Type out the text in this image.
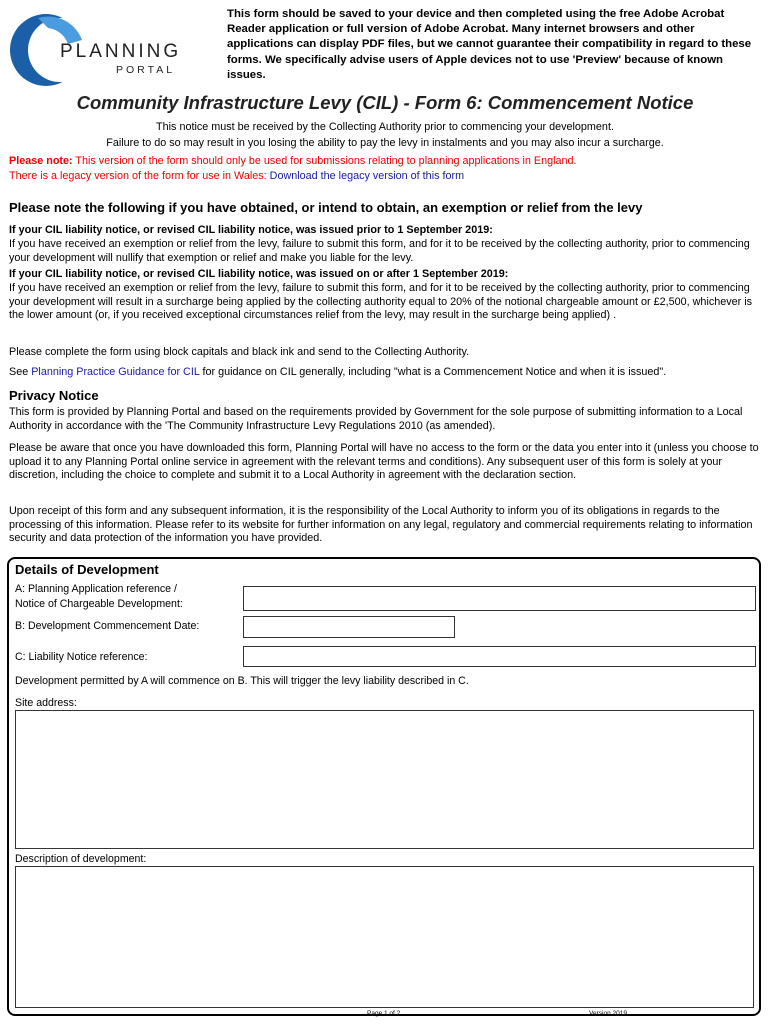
PLANNING
PORTAL
This form should be saved to your device and then completed using the free Adobe Acrobat Reader application or full version of Adobe Acrobat. Many internet browsers and other applications can display PDF files, but we cannot guarantee their compatibility in regard to these forms. We specifically advise users of Apple devices not to use 'Preview' because of known issues.
Community Infrastructure Levy (CIL) - Form 6: Commencement Notice
This notice must be received by the Collecting Authority prior to commencing your development.
Failure to do so may result in you losing the ability to pay the levy in instalments and you may also incur a surcharge.
Please note: This version of the form should only be used for submissions relating to planning applications in England.
There is a legacy version of the form for use in Wales: Download the legacy version of this form
Please note the following if you have obtained, or intend to obtain, an exemption or relief from the levy
If your CIL liability notice, or revised CIL liability notice, was issued prior to 1 September 2019:
If you have received an exemption or relief from the levy, failure to submit this form, and for it to be received by the collecting authority, prior to commencing your development will nullify that exemption or relief and make you liable for the levy.
If your CIL liability notice, or revised CIL liability notice, was issued on or after 1 September 2019:
If you have received an exemption or relief from the levy, failure to submit this form, and for it to be received by the collecting authority, prior to commencing your development will result in a surcharge being applied by the collecting authority equal to 20% of the notional chargeable amount or £2,500, whichever is the lower amount (or, if you received exceptional circumstances relief from the levy, may result in the surcharge being applied) .
Please complete the form using block capitals and black ink and send to the Collecting Authority.
See Planning Practice Guidance for CIL for guidance on CIL generally, including "what is a Commencement Notice and when it is issued".
Privacy Notice
This form is provided by Planning Portal and based on the requirements provided by Government for the sole purpose of submitting information to a Local Authority in accordance with the 'The Community Infrastructure Levy Regulations 2010 (as amended).
Please be aware that once you have downloaded this form, Planning Portal will have no access to the form or the data you enter into it (unless you choose to upload it to any Planning Portal online service in agreement with the relevant terms and conditions). Any subsequent user of this form is solely at your discretion, including the choice to complete and submit it to a Local Authority in agreement with the declaration section.
Upon receipt of this form and any subsequent information, it is the responsibility of the Local Authority to inform you of its obligations in regards to the processing of this information. Please refer to its website for further information on any legal, regulatory and commercial requirements relating to information security and data protection of the information you have provided.
Details of Development
A: Planning Application reference /
Notice of Chargeable Development:
B: Development Commencement Date:
C: Liability Notice reference:
Development permitted by A will commence on B. This will trigger the levy liability described in C.
Site address:
Description of development:
Page 1 of 2	Version 2019
